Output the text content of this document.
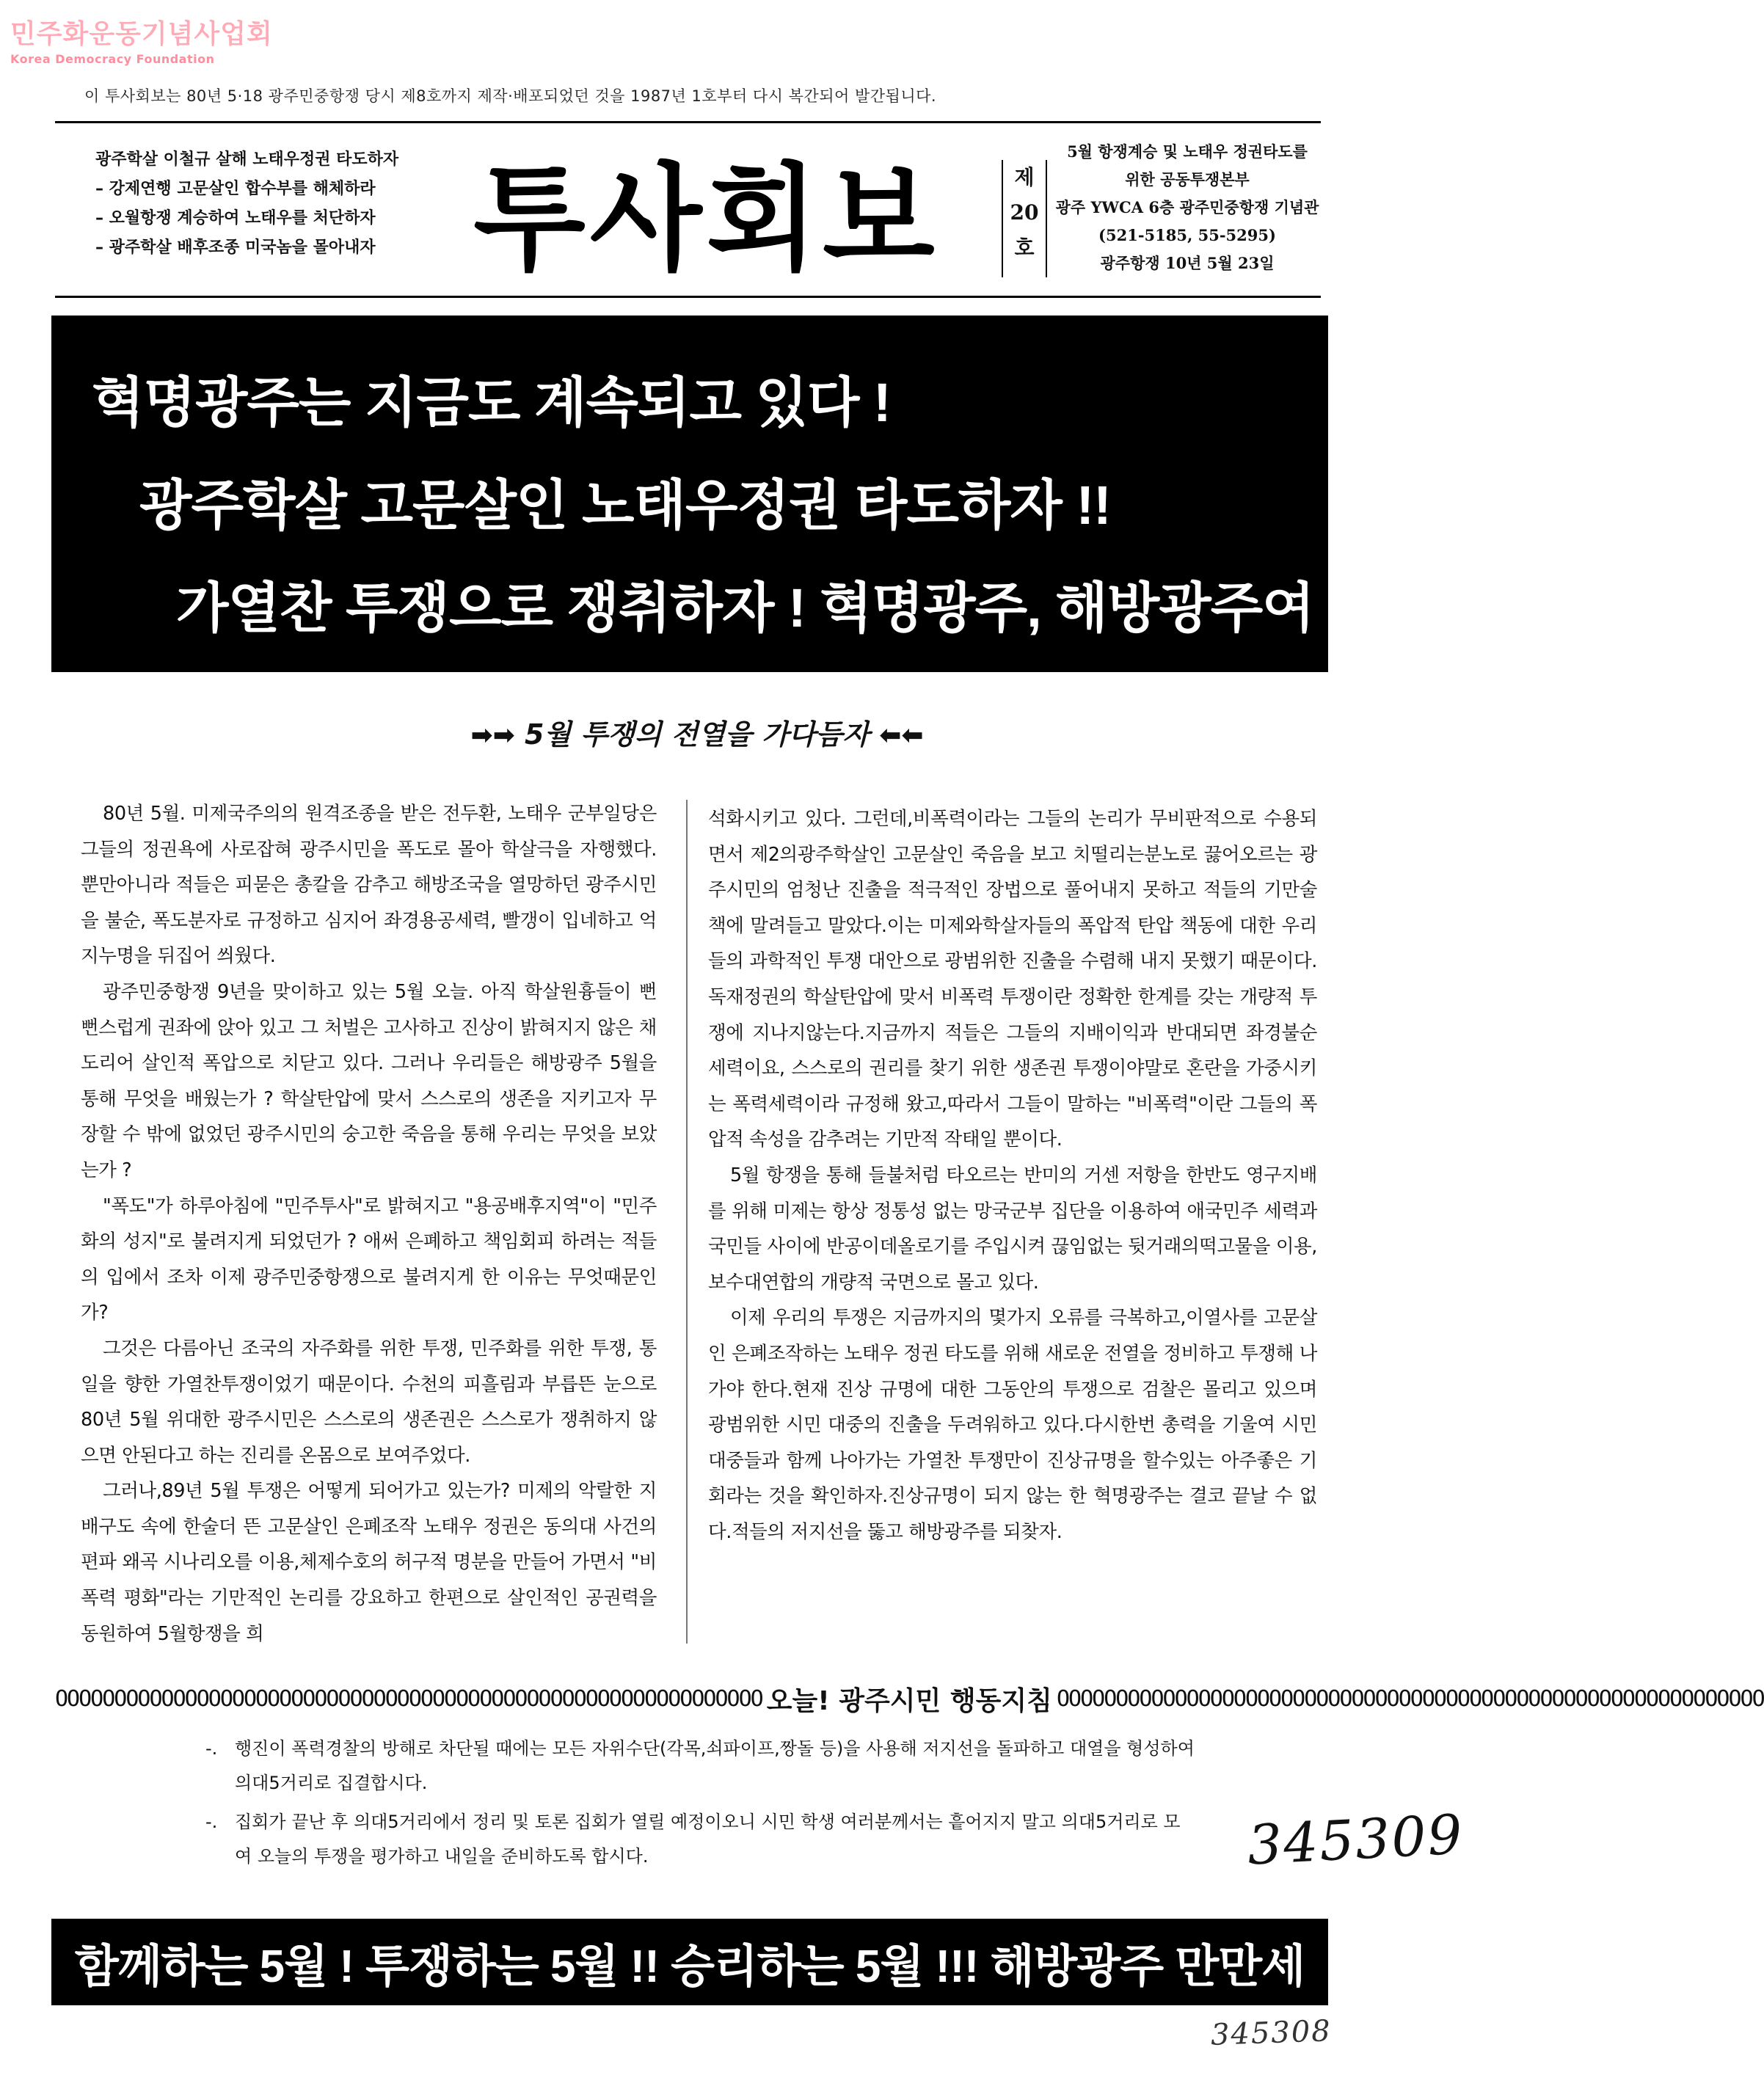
민주화운동기념사업회
Korea Democracy Foundation
이 투사회보는 80년 5·18 광주민중항쟁 당시 제8호까지 제작·배포되었던 것을 1987년 1호부터 다시 복간되어 발간됩니다.
광주학살 이철규 살해 노태우정권 타도하자
– 강제연행 고문살인 합수부를 해체하라
– 오월항쟁 계승하여 노태우를 처단하자
– 광주학살 배후조종 미국놈을 몰아내자 투사회보	제
20
호
5월 항쟁계승 및 노태우 정권타도를
위한 공동투쟁본부
광주 YWCA 6층 광주민중항쟁 기념관
(521-5185, 55-5295)
광주항쟁 10년 5월 23일
혁명광주는 지금도 계속되고 있다 !
광주학살 고문살인 노태우정권 타도하자 !!
가열찬 투쟁으로 쟁취하자 ! 혁명광주, 해방광주여 !!!
➡➡ 5월 투쟁의 전열을 가다듬자 ⬅⬅

80년 5월. 미제국주의의 원격조종을 받은 전두환, 노태우 군부일당은 그들의 정권욕에 사로잡혀 광주시민을 폭도로 몰아 학살극을 자행했다. 뿐만아니라 적들은 피묻은 총칼을 감추고 해방조국을 열망하던 광주시민을 불순, 폭도분자로 규정하고 심지어 좌경용공세력, 빨갱이 입네하고 억지누명을 뒤집어 씌웠다.

광주민중항쟁 9년을 맞이하고 있는 5월 오늘. 아직 학살원흉들이 뻔뻔스럽게 권좌에 앉아 있고 그 처벌은 고사하고 진상이 밝혀지지 않은 채 도리어 살인적 폭압으로 치닫고 있다. 그러나 우리들은 해방광주 5월을 통해 무엇을 배웠는가 ? 학살탄압에 맞서 스스로의 생존을 지키고자 무장할 수 밖에 없었던 광주시민의 숭고한 죽음을 통해 우리는 무엇을 보았는가 ?

"폭도"가 하루아침에 "민주투사"로 밝혀지고 "용공배후지역"이 "민주화의 성지"로 불려지게 되었던가 ? 애써 은폐하고 책임회피 하려는 적들의 입에서 조차 이제 광주민중항쟁으로 불려지게 한 이유는 무엇때문인가?

그것은 다름아닌 조국의 자주화를 위한 투쟁, 민주화를 위한 투쟁, 통일을 향한 가열찬투쟁이었기 때문이다. 수천의 피흘림과 부릅뜬 눈으로 80년 5월 위대한 광주시민은 스스로의 생존권은 스스로가 쟁취하지 않으면 안된다고 하는 진리를 온몸으로 보여주었다.

그러나,89년 5월 투쟁은 어떻게 되어가고 있는가? 미제의 악랄한 지배구도 속에 한술더 뜬 고문살인 은폐조작 노태우 정권은 동의대 사건의 편파 왜곡 시나리오를 이용,체제수호의 허구적 명분을 만들어 가면서 "비폭력 평화"라는 기만적인 논리를 강요하고 한편으로 살인적인 공권력을 동원하여 5월항쟁을 희

석화시키고 있다. 그런데,비폭력이라는 그들의 논리가 무비판적으로 수용되면서 제2의광주학살인 고문살인 죽음을 보고 치떨리는분노로 끓어오르는 광주시민의 엄청난 진출을 적극적인 장법으로 풀어내지 못하고 적들의 기만술책에 말려들고 말았다.이는 미제와학살자들의 폭압적 탄압 책동에 대한 우리들의 과학적인 투쟁 대안으로 광범위한 진출을 수렴해 내지 못했기 때문이다. 독재정권의 학살탄압에 맞서 비폭력 투쟁이란 정확한 한계를 갖는 개량적 투쟁에 지나지않는다.지금까지 적들은 그들의 지배이익과 반대되면 좌경불순 세력이요, 스스로의 권리를 찾기 위한 생존권 투쟁이야말로 혼란을 가중시키는 폭력세력이라 규정해 왔고,따라서 그들이 말하는 "비폭력"이란 그들의 폭압적 속성을 감추려는 기만적 작태일 뿐이다.

5월 항쟁을 통해 들불처럼 타오르는 반미의 거센 저항을 한반도 영구지배를 위해 미제는 항상 정통성 없는 망국군부 집단을 이용하여 애국민주 세력과 국민들 사이에 반공이데올로기를 주입시켜 끊임없는 뒷거래의떡고물을 이용,보수대연합의 개량적 국면으로 몰고 있다.

이제 우리의 투쟁은 지금까지의 몇가지 오류를 극복하고,이열사를 고문살인 은폐조작하는 노태우 정권 타도를 위해 새로운 전열을 정비하고 투쟁해 나가야 한다.현재 진상 규명에 대한 그동안의 투쟁으로 검찰은 몰리고 있으며 광범위한 시민 대중의 진출을 두려워하고 있다.다시한번 총력을 기울여 시민대중들과 함께 나아가는 가열찬 투쟁만이 진상규명을 할수있는 아주좋은 기회라는 것을 확인하자.진상규명이 되지 않는 한 혁명광주는 결코 끝날 수 없다.적들의 저지선을 뚫고 해방광주를 되찾자.

OOOOOOOOOOOOOOOOOOOOOOOOOOOOOOOOOOOOOOOOOOOOOOOOOOOOOOOOOOOO 오늘! 광주시민 행동지침 OOOOOOOOOOOOOOOOOOOOOOOOOOOOOOOOOOOOOOOOOOOOOOOOOOOOOOOOOOOO
-. 행진이 폭력경찰의 방해로 차단될 때에는 모든 자위수단(각목,쇠파이프,짱돌 등)을 사용해 저지선을 돌파하고 대열을 형성하여 의대5거리로 집결합시다.
-. 집회가 끝난 후 의대5거리에서 정리 및 토론 집회가 열릴 예정이오니 시민 학생 여러분께서는 흩어지지 말고 의대5거리로 모여 오늘의 투쟁을 평가하고 내일을 준비하도록 합시다.	345309
함께하는 5월 ! 투쟁하는 5월 !! 승리하는 5월 !!! 해방광주 만만세
345308
